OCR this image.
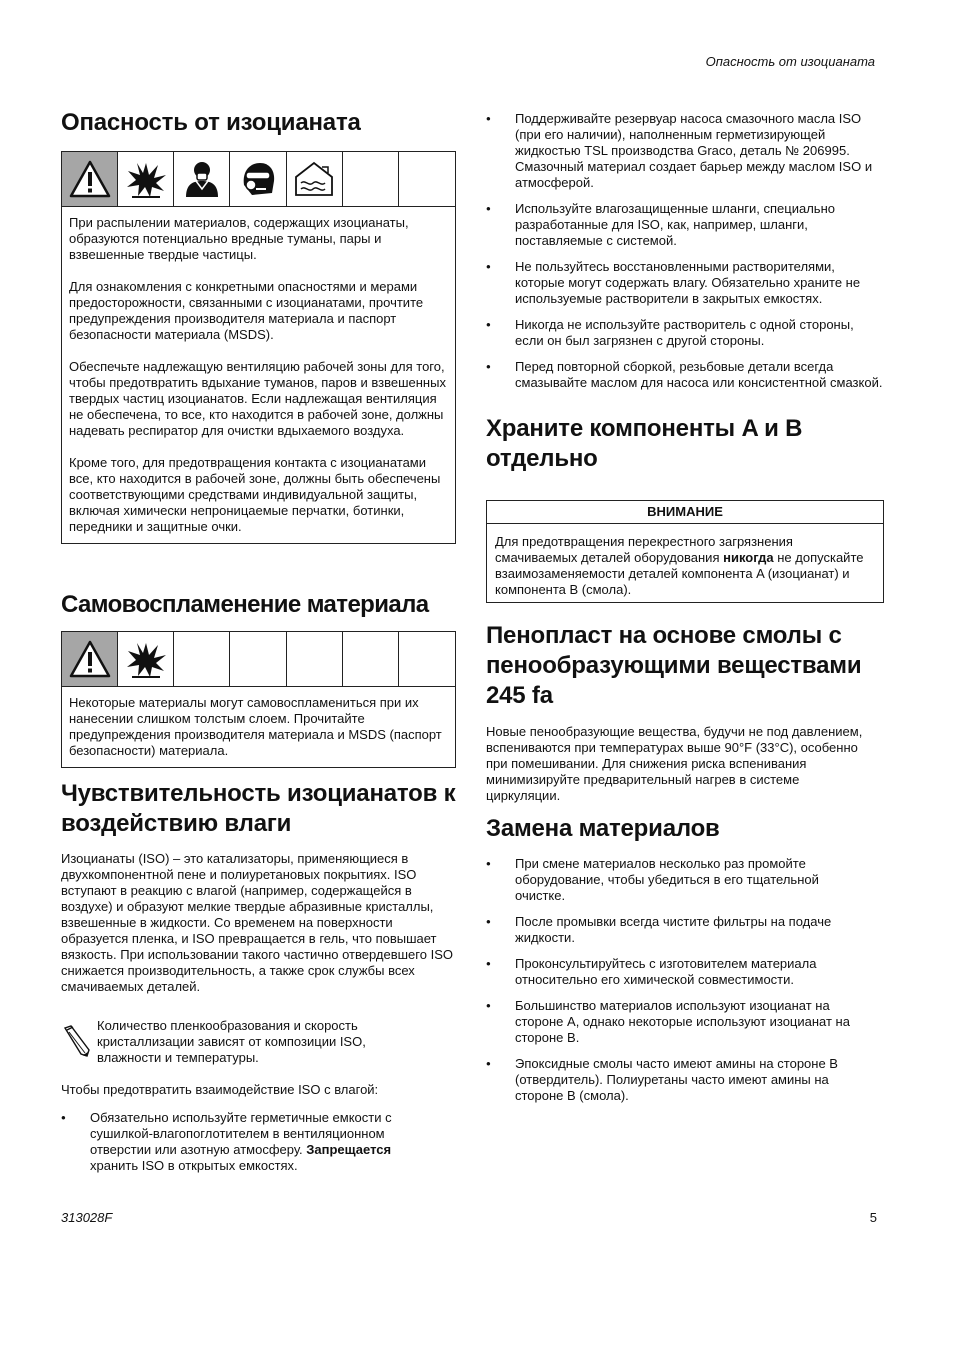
Опасность от изоцианата
Опасность от изоцианата

При распылении материалов, содержащих изоцианаты, образуются потенциально вредные туманы, пары и взвешенные твердые частицы.

Для ознакомления с конкретными опасностями и мерами предосторожности, связанными с изоцианатами, прочтите предупреждения производителя материала и паспорт безопасности материала (MSDS).

Обеспечьте надлежащую вентиляцию рабочей зоны для того, чтобы предотвратить вдыхание туманов, паров и взвешенных твердых частиц изоцианатов. Если надлежащая вентиляция не обеспечена, то все, кто находится в рабочей зоне, должны надевать респиратор для очистки вдыхаемого воздуха.

Кроме того, для предотвращения контакта с изоцианатами все, кто находится в рабочей зоне, должны быть обеспечены соответствующими средствами индивидуальной защиты, включая химически непроницаемые перчатки, ботинки, передники и защитные очки.

Самовоспламенение материала

Некоторые материалы могут самовоспламениться при их нанесении слишком толстым слоем. Прочитайте предупреждения производителя материала и MSDS (паспорт безопасности) материала.

Чувствительность изоцианатов к воздействию влаги

Изоцианаты (ISO) – это катализаторы, применяющиеся в двухкомпонентной пене и полиуретановых покрытиях. ISO вступают в реакцию с влагой (например, содержащейся в воздухе) и образуют мелкие твердые абразивные кристаллы, взвешенные в жидкости. Со временем на поверхности образуется пленка, и ISO превращается в гель, что повышает вязкость. При использовании такого частично отвердевшего ISO снижается производительность, а также срок службы всех смачиваемых деталей.

Количество пленкообразования и скорость кристаллизации зависят от композиции ISO, влажности и температуры.

Чтобы предотвратить взаимодействие ISO с влагой:

• Обязательно используйте герметичные емкости с сушилкой-влагопоглотителем в вентиляционном отверстии или азотную атмосферу. Запрещается хранить ISO в открытых емкостях.
• Поддерживайте резервуар насоса смазочного масла ISO (при его наличии), наполненным герметизирующей жидкостью TSL производства Graco, деталь № 206995. Смазочный материал создает барьер между маслом ISO и атмосферой.
• Используйте влагозащищенные шланги, специально разработанные для ISO, как, например, шланги, поставляемые с системой.
• Не пользуйтесь восстановленными растворителями, которые могут содержать влагу. Обязательно храните не используемые растворители в закрытых емкостях.
• Никогда не используйте растворитель с одной стороны, если он был загрязнен с другой стороны.
• Перед повторной сборкой, резьбовые детали всегда смазывайте маслом для насоса или консистентной смазкой.
Храните компоненты A и B отдельно
ВНИМАНИЕ

Для предотвращения перекрестного загрязнения смачиваемых деталей оборудования никогда не допускайте взаимозаменяемости деталей компонента A (изоцианат) и компонента B (смола).

Пенопласт на основе смолы с пенообразующими веществами 245 fa

Новые пенообразующие вещества, будучи не под давлением, вспениваются при температурах выше 90°F (33°C), особенно при помешивании. Для снижения риска вспенивания минимизируйте предварительный нагрев в системе циркуляции.

Замена материалов
• При смене материалов несколько раз промойте оборудование, чтобы убедиться в его тщательной очистке.
• После промывки всегда чистите фильтры на подаче жидкости.
• Проконсультируйтесь с изготовителем материала относительно его химической совместимости.
• Большинство материалов используют изоцианат на стороне A, однако некоторые используют изоцианат на стороне B.
• Эпоксидные смолы часто имеют амины на стороне B (отвердитель). Полиуретаны часто имеют амины на стороне B (смола).
313028F	5
